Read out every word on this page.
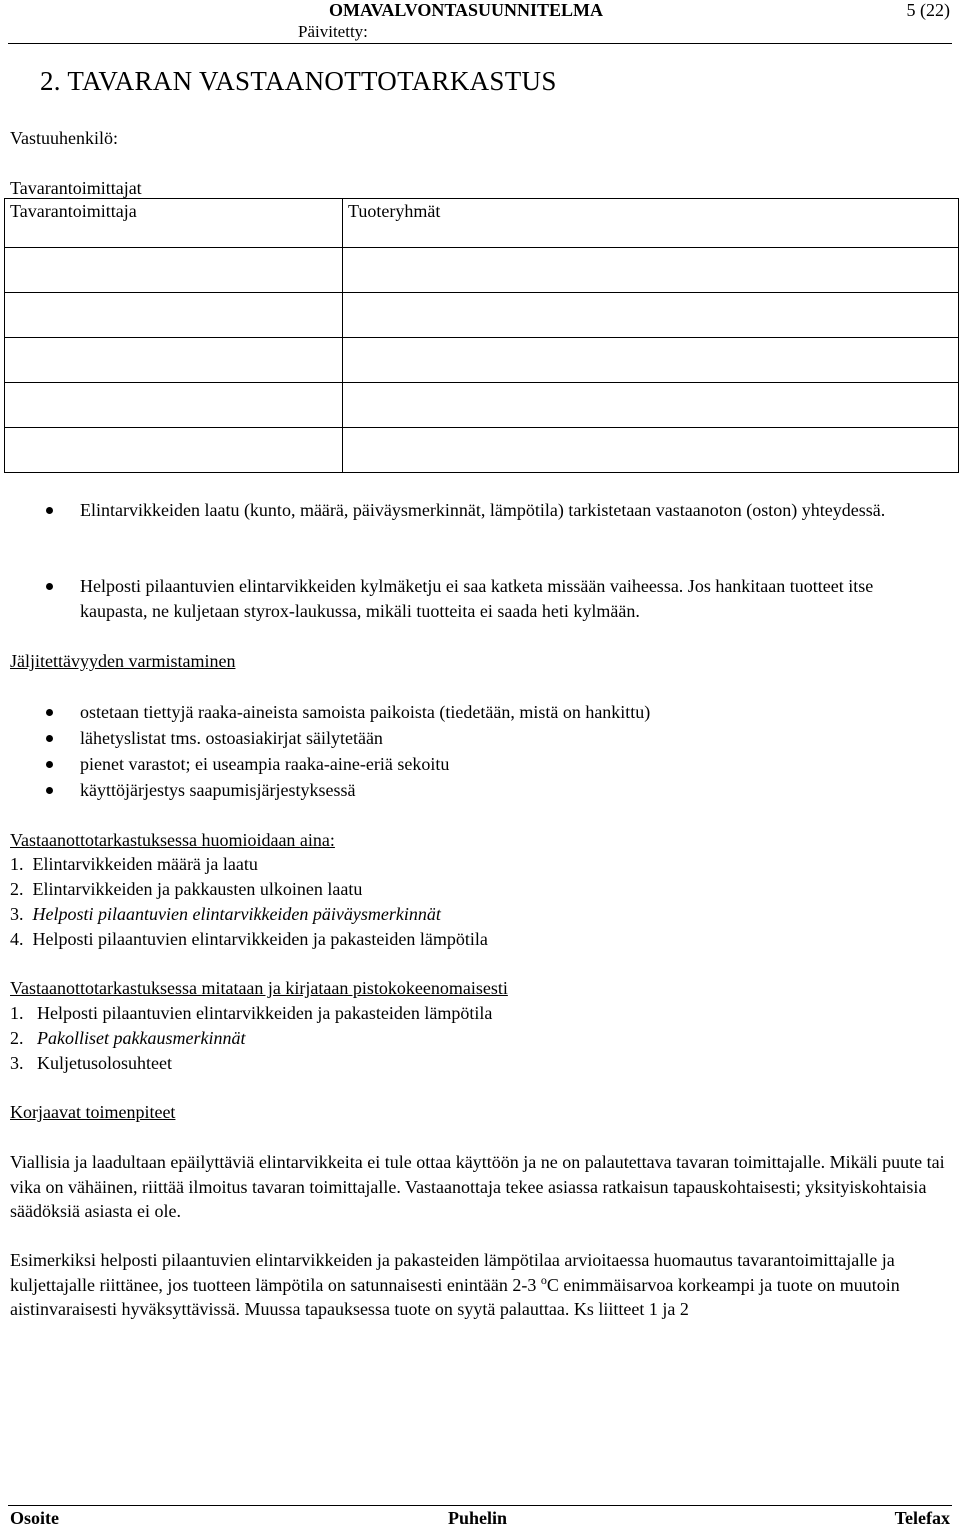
OMAVALVONTASUUNNITELMA	5 (22)
Päivitetty:
2. TAVARAN VASTAANOTTOTARKASTUS
Vastuuhenkilö:
Tavarantoimittajat
Tavarantoimittaja	Tuoteryhmät

Elintarvikkeiden laatu (kunto, määrä, päiväysmerkinnät, lämpötila) tarkistetaan vastaanoton (oston) yhteydessä.
Helposti pilaantuvien elintarvikkeiden kylmäketju ei saa katketa missään vaiheessa. Jos hankitaan tuotteet itse kaupasta, ne kuljetaan styrox-laukussa, mikäli tuotteita ei saada heti kylmään.
Jäljitettävyyden varmistaminen
ostetaan tiettyjä raaka-aineista samoista paikoista (tiedetään, mistä on hankittu)
lähetyslistat tms. ostoasiakirjat säilytetään
pienet varastot; ei useampia raaka-aine-eriä sekoitu
käyttöjärjestys saapumisjärjestyksessä
Vastaanottotarkastuksessa huomioidaan aina:
1. Elintarvikkeiden määrä ja laatu
2. Elintarvikkeiden ja pakkausten ulkoinen laatu
3. Helposti pilaantuvien elintarvikkeiden päiväysmerkinnät
4. Helposti pilaantuvien elintarvikkeiden ja pakasteiden lämpötila
Vastaanottotarkastuksessa mitataan ja kirjataan pistokokeenomaisesti
1. Helposti pilaantuvien elintarvikkeiden ja pakasteiden lämpötila
2. Pakolliset pakkausmerkinnät
3. Kuljetusolosuhteet
Korjaavat toimenpiteet
Viallisia ja laadultaan epäilyttäviä elintarvikkeita ei tule ottaa käyttöön ja ne on palautettava tavaran toimittajalle. Mikäli puute tai vika on vähäinen, riittää ilmoitus tavaran toimittajalle. Vastaanottaja tekee asiassa ratkaisun tapauskohtaisesti; yksityiskohtaisia säädöksiä asiasta ei ole.
Esimerkiksi helposti pilaantuvien elintarvikkeiden ja pakasteiden lämpötilaa arvioitaessa huomautus tavarantoimittajalle ja kuljettajalle riittänee, jos tuotteen lämpötila on satunnaisesti enintään 2-3 $^o$C enimmäisarvoa korkeampi ja tuote on muutoin aistinvaraisesti hyväksyttävissä. Muussa tapauksessa tuote on syytä palauttaa. Ks liitteet 1 ja 2
Osoite	Puhelin	Telefax
